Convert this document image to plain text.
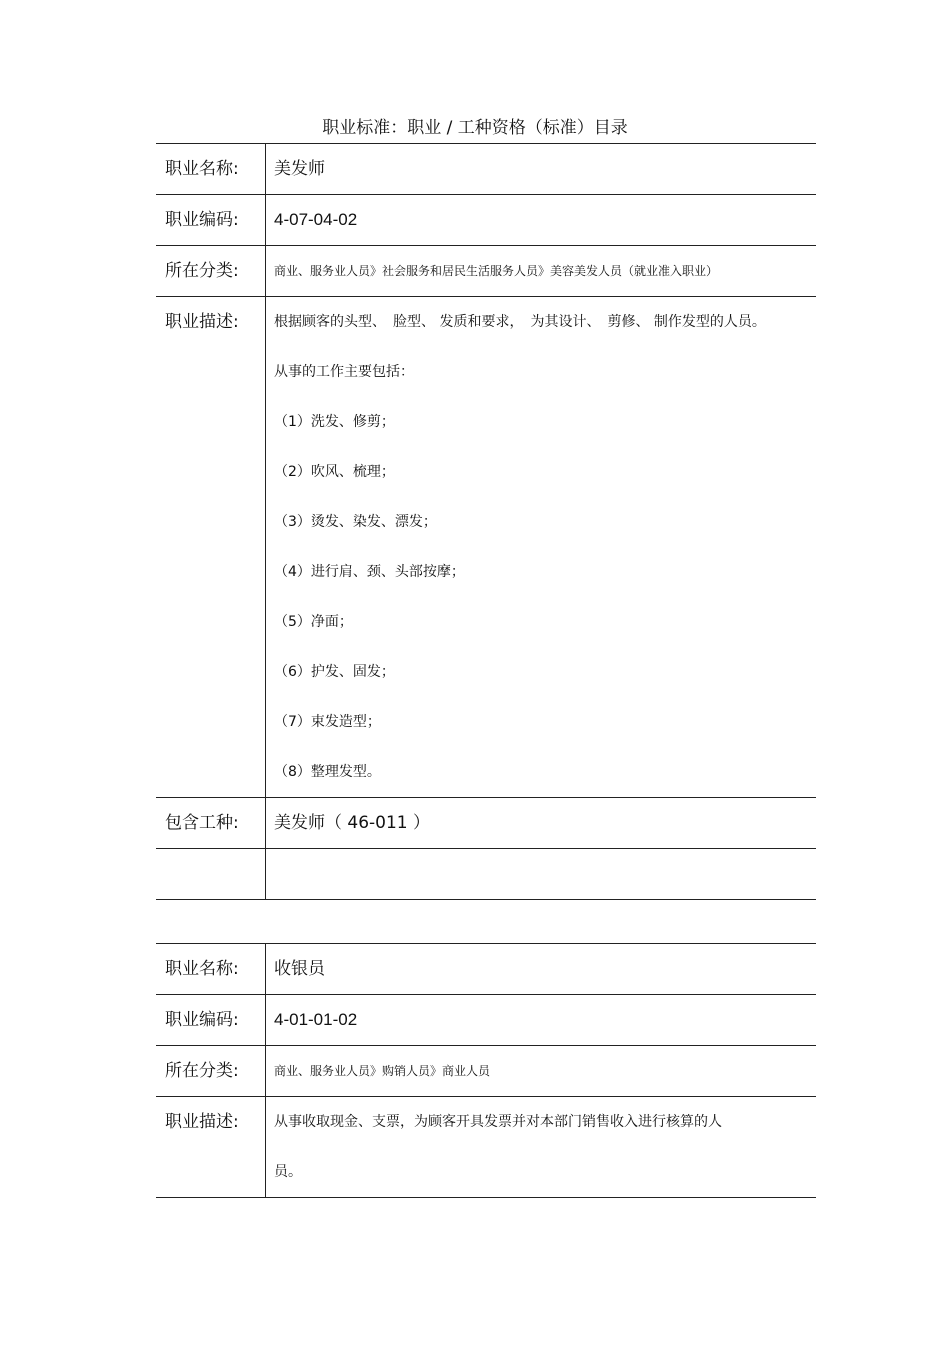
职业标准：职业 / 工种资格（标准）目录
职业名称:	美发师
职业编码:	4-07-04-02
所在分类:	商业、服务业人员》社会服务和居民生活服务人员》美容美发人员（就业准入职业）
职业描述:	根据顾客的头型、　脸型、 发质和要求，　为其设计、　剪修、 制作发型的人员。
从事的工作主要包括：
（1）洗发、修剪；
（2）吹风、梳理；
（3）烫发、染发、漂发；
（4）进行肩、颈、头部按摩；
（5）净面；
（6）护发、固发；
（7）束发造型；
（8）整理发型。
包含工种:	美发师（ 46-011 ）
职业名称:	收银员
职业编码:	4-01-01-02
所在分类:	商业、服务业人员》购销人员》商业人员
职业描述:	从事收取现金、支票，为顾客开具发票并对本部门销售收入进行核算的人
员。
